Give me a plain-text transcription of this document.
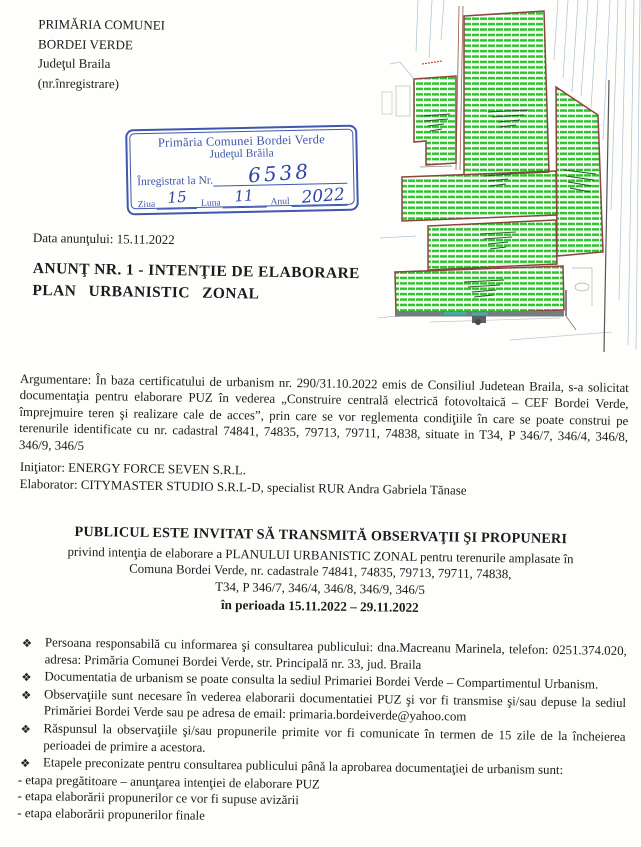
PRIMĂRIA COMUNEI
BORDEI VERDE
Judeţul Braila
(nr.înregistrare)
Primăria Comunei Bordei Verde
Judeţul Brăila
Înregistrat la Nr.	6538
Ziua 15	Luna 11	Anul 2022
Data anunţului: 15.11.2022
ANUNŢ NR. 1 - INTENŢIE DE ELABORARE
PLAN URBANISTIC ZONAL
Argumentare: În baza certificatului de urbanism nr. 290/31.10.2022 emis de Consiliul Judetean Braila, s-a solicitat documentaţia pentru elaborare PUZ în vederea „Construire centrală electrică fotovoltaică – CEF Bordei Verde, împrejmuire teren şi realizare cale de acces”, prin care se vor reglementa condiţiile în care se poate construi pe terenurile identificate cu nr. cadastral 74841, 74835, 79713, 79711, 74838, situate in T34, P 346/7, 346/4, 346/8, 346/9, 346/5
Iniţiator: ENERGY FORCE SEVEN S.R.L.
Elaborator: CITYMASTER STUDIO S.R.L-D, specialist RUR Andra Gabriela Tănase
PUBLICUL ESTE INVITAT SĂ TRANSMITĂ OBSERVAŢII ŞI PROPUNERI
privind intenţia de elaborare a PLANULUI URBANISTIC ZONAL pentru terenurile amplasate în
Comuna Bordei Verde, nr. cadastrale 74841, 74835, 79713, 79711, 74838,
T34, P 346/7, 346/4, 346/8, 346/9, 346/5
în perioada 15.11.2022 – 29.11.2022
❖ Persoana responsabilă cu informarea şi consultarea publicului: dna.Macreanu Marinela, telefon: 0251.374.020, adresa: Primăria Comunei Bordei Verde, str. Principală nr. 33, jud. Braila
❖ Documentatia de urbanism se poate consulta la sediul Primariei Bordei Verde – Compartimentul Urbanism.
❖ Observaţiile sunt necesare în vederea elaborarii documentatiei PUZ şi vor fi transmise şi/sau depuse la sediul Primăriei Bordei Verde sau pe adresa de email: primaria.bordeiverde@yahoo.com
❖ Răspunsul la observaţiile şi/sau propunerile primite vor fi comunicate în termen de 15 zile de la încheierea perioadei de primire a acestora.
❖ Etapele preconizate pentru consultarea publicului până la aprobarea documentaţiei de urbanism sunt:
- etapa pregătitoare – anunţarea intenţiei de elaborare PUZ
- etapa elaborării propunerilor ce vor fi supuse avizării
- etapa elaborării propunerilor finale
